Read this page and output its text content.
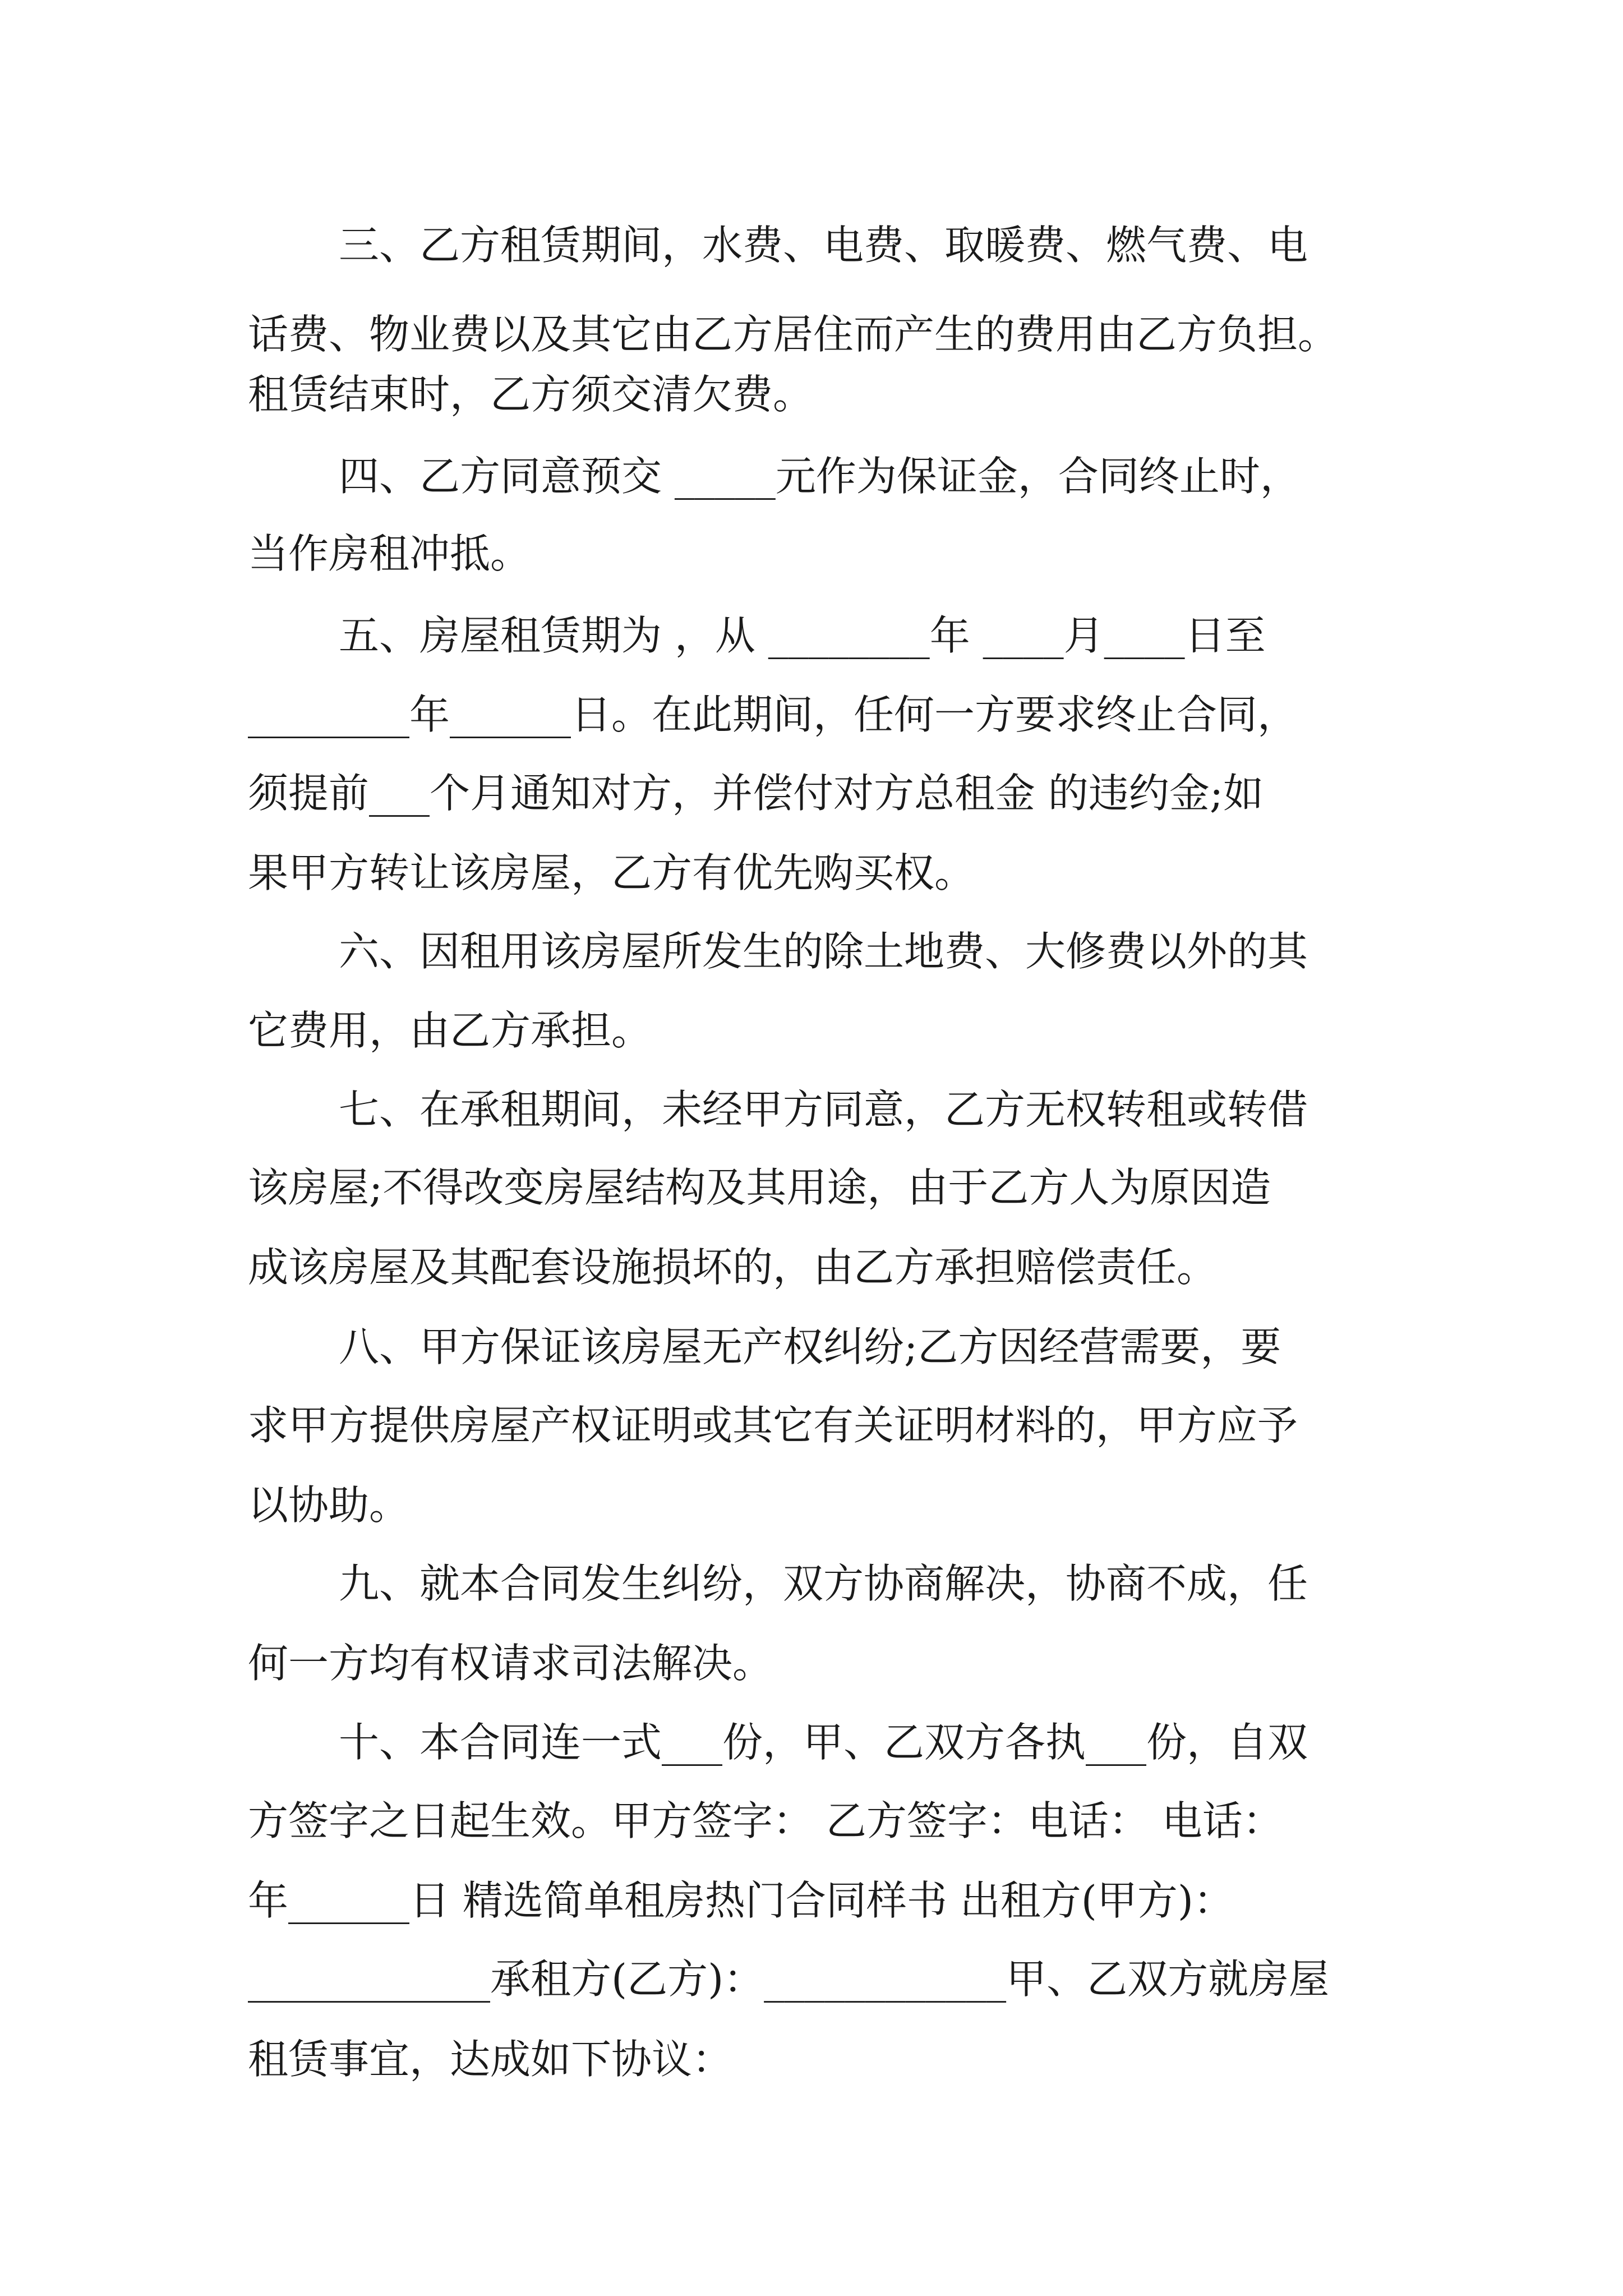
三、乙方租赁期间，水费、电费、取暖费、燃气费、电
话费、物业费以及其它由乙方居住而产生的费用由乙方负担。
租赁结束时，乙方须交清欠费。
四、乙方同意预交 _____元作为保证金，合同终止时，
当作房租冲抵。
五、房屋租赁期为 ，从 ________年 ____月____日至
________年______日。在此期间，任何一方要求终止合同，
须提前___个月通知对方，并偿付对方总租金 的违约金;如
果甲方转让该房屋，乙方有优先购买权。
六、因租用该房屋所发生的除土地费、大修费以外的其
它费用，由乙方承担。
七、在承租期间，未经甲方同意，乙方无权转租或转借
该房屋;不得改变房屋结构及其用途，由于乙方人为原因造
成该房屋及其配套设施损坏的，由乙方承担赔偿责任。
八、甲方保证该房屋无产权纠纷;乙方因经营需要，要
求甲方提供房屋产权证明或其它有关证明材料的，甲方应予
以协助。
九、就本合同发生纠纷，双方协商解决，协商不成，任
何一方均有权请求司法解决。
十、本合同连一式___份，甲、乙双方各执___份，自双
方签字之日起生效。甲方签字： 乙方签字：电话： 电话：
年______日 精选简单租房热门合同样书 出租方(甲方)：
____________承租方(乙方)：____________甲、乙双方就房屋
租赁事宜，达成如下协议：
